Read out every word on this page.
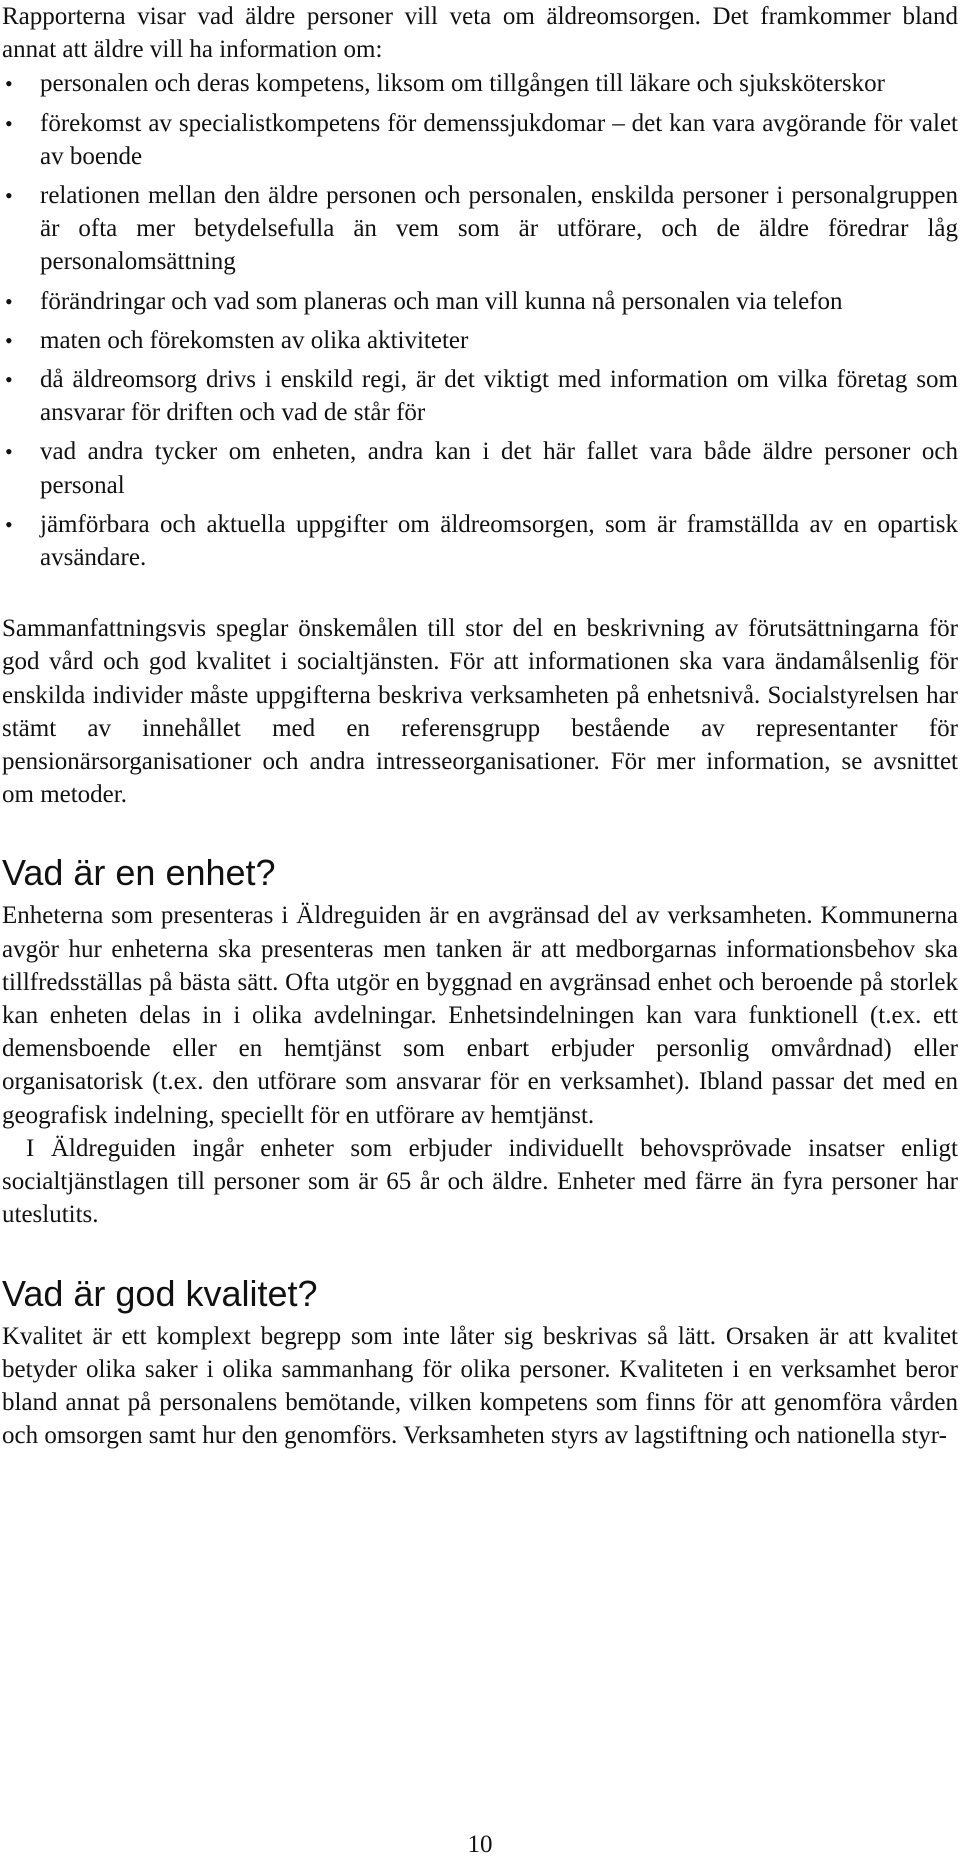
Rapporterna visar vad äldre personer vill veta om äldreomsorgen. Det framkommer bland annat att äldre vill ha information om:

• personalen och deras kompetens, liksom om tillgången till läkare och sjuksköterskor
• förekomst av specialistkompetens för demenssjukdomar – det kan vara avgörande för valet av boende
• relationen mellan den äldre personen och personalen, enskilda personer i personalgruppen är ofta mer betydelsefulla än vem som är utförare, och de äldre föredrar låg personalomsättning
• förändringar och vad som planeras och man vill kunna nå personalen via telefon
• maten och förekomsten av olika aktiviteter
• då äldreomsorg drivs i enskild regi, är det viktigt med information om vilka företag som ansvarar för driften och vad de står för
• vad andra tycker om enheten, andra kan i det här fallet vara både äldre personer och personal
• jämförbara och aktuella uppgifter om äldreomsorgen, som är framställda av en opartisk avsändare.

Sammanfattningsvis speglar önskemålen till stor del en beskrivning av förutsättningarna för god vård och god kvalitet i socialtjänsten. För att informationen ska vara ändamålsenlig för enskilda individer måste uppgifterna beskriva verksamheten på enhetsnivå. Socialstyrelsen har stämt av innehållet med en referensgrupp bestående av representanter för pensionärsorganisationer och andra intresseorganisationer. För mer information, se avsnittet om metoder.

Vad är en enhet?

Enheterna som presenteras i Äldreguiden är en avgränsad del av verksamheten. Kommunerna avgör hur enheterna ska presenteras men tanken är att medborgarnas informationsbehov ska tillfredsställas på bästa sätt. Ofta utgör en byggnad en avgränsad enhet och beroende på storlek kan enheten delas in i olika avdelningar. Enhetsindelningen kan vara funktionell (t.ex. ett demensboende eller en hemtjänst som enbart erbjuder personlig omvårdnad) eller organisatorisk (t.ex. den utförare som ansvarar för en verksamhet). Ibland passar det med en geografisk indelning, speciellt för en utförare av hemtjänst.

I Äldreguiden ingår enheter som erbjuder individuellt behovsprövade insatser enligt socialtjänstlagen till personer som är 65 år och äldre. Enheter med färre än fyra personer har uteslutits.

Vad är god kvalitet?

Kvalitet är ett komplext begrepp som inte låter sig beskrivas så lätt. Orsaken är att kvalitet betyder olika saker i olika sammanhang för olika personer. Kvaliteten i en verksamhet beror bland annat på personalens bemötande, vilken kompetens som finns för att genomföra vården och omsorgen samt hur den genomförs. Verksamheten styrs av lagstiftning och nationella styr-

10
